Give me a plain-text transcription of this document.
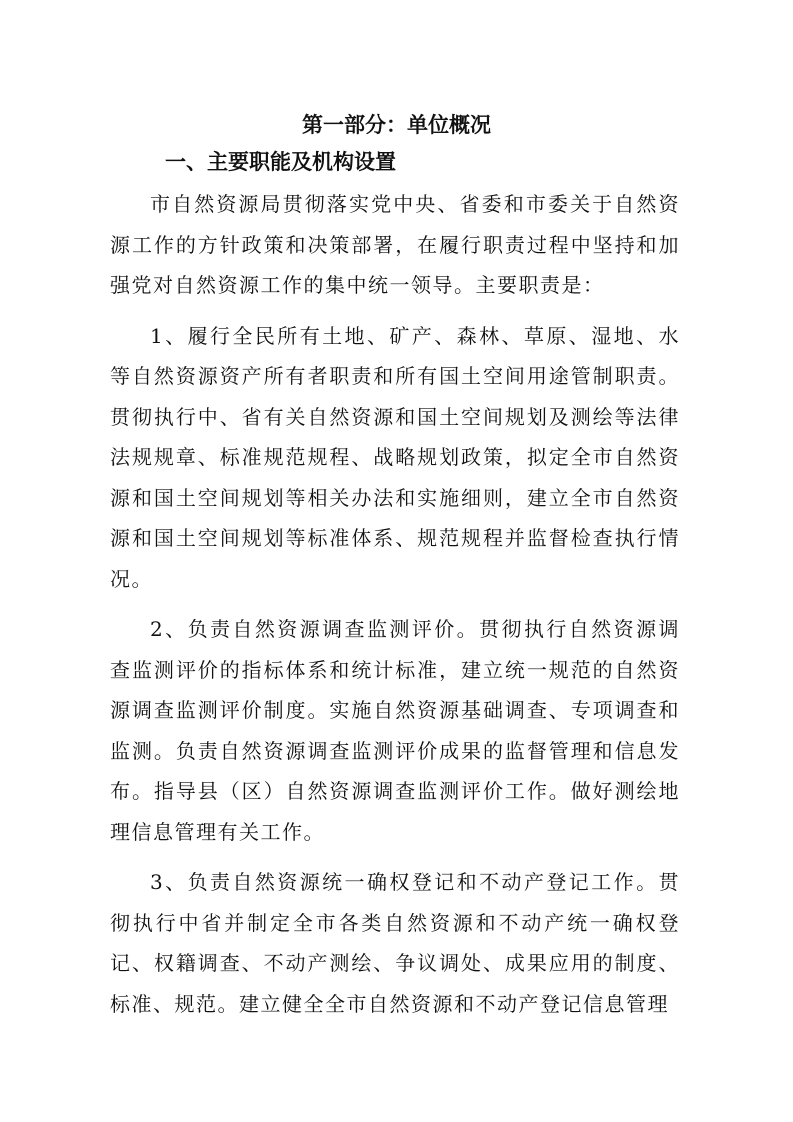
第一部分：单位概况
一、主要职能及机构设置

市自然资源局贯彻落实党中央、省委和市委关于自然资源工作的方针政策和决策部署，在履行职责过程中坚持和加强党对自然资源工作的集中统一领导。主要职责是：

1、履行全民所有土地、矿产、森林、草原、湿地、水等自然资源资产所有者职责和所有国土空间用途管制职责。贯彻执行中、省有关自然资源和国土空间规划及测绘等法律法规规章、标准规范规程、战略规划政策，拟定全市自然资源和国土空间规划等相关办法和实施细则，建立全市自然资源和国土空间规划等标准体系、规范规程并监督检查执行情况。

2、负责自然资源调查监测评价。贯彻执行自然资源调查监测评价的指标体系和统计标准，建立统一规范的自然资源调查监测评价制度。实施自然资源基础调查、专项调查和监测。负责自然资源调查监测评价成果的监督管理和信息发布。指导县（区）自然资源调查监测评价工作。做好测绘地理信息管理有关工作。

3、负责自然资源统一确权登记和不动产登记工作。贯彻执行中省并制定全市各类自然资源和不动产统一确权登记、权籍调查、不动产测绘、争议调处、成果应用的制度、标准、规范。建立健全全市自然资源和不动产登记信息管理
